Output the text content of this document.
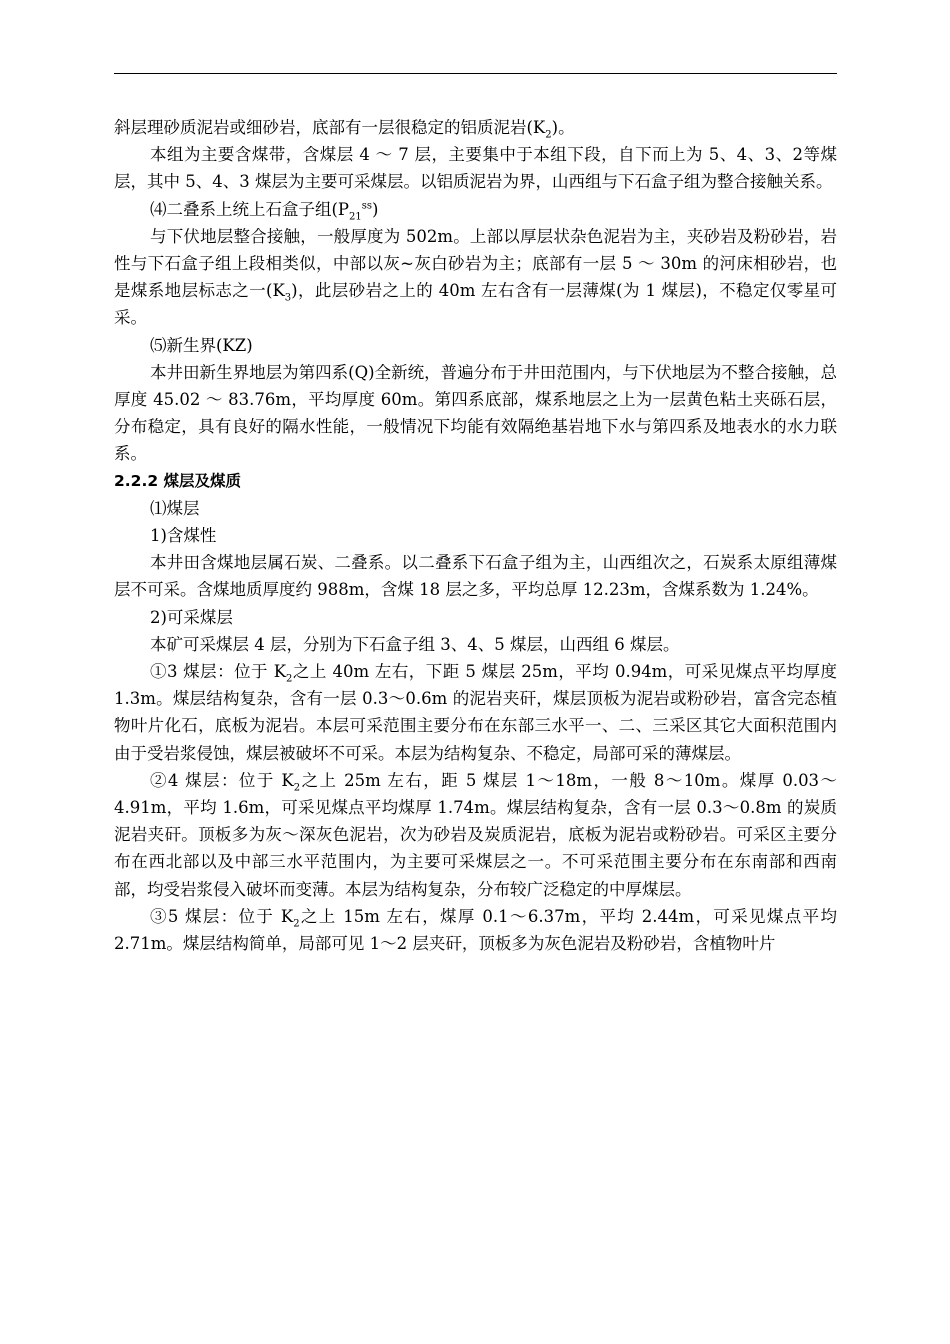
斜层理砂质泥岩或细砂岩，底部有一层很稳定的铝质泥岩$(K_2)$。

本组为主要含煤带，含煤层 4 ～ 7 层，主要集中于本组下段，自下而上为 5、4、3、2等煤层，其中 5、4、3 煤层为主要可采煤层。以铝质泥岩为界，山西组与下石盒子组为整合接触关系。

⑷二叠系上统上石盒子组$(P_{21}^{ss})$

与下伏地层整合接触，一般厚度为 502m。上部以厚层状杂色泥岩为主，夹砂岩及粉砂岩，岩性与下石盒子组上段相类似，中部以灰~灰白砂岩为主；底部有一层 5 ～ 30m 的河床相砂岩，也是煤系地层标志之一$(K_3)$，此层砂岩之上的 40m 左右含有一层薄煤(为 1 煤层)，不稳定仅零星可采。

⑸新生界(KZ)

本井田新生界地层为第四系(Q)全新统，普遍分布于井田范围内，与下伏地层为不整合接触，总厚度 45.02 ～ 83.76m，平均厚度 60m。第四系底部，煤系地层之上为一层黄色粘土夹砾石层，分布稳定，具有良好的隔水性能，一般情况下均能有效隔绝基岩地下水与第四系及地表水的水力联系。

2.2.2 煤层及煤质

⑴煤层

1)含煤性

本井田含煤地层属石炭、二叠系。以二叠系下石盒子组为主，山西组次之，石炭系太原组薄煤层不可采。含煤地质厚度约 988m，含煤 18 层之多，平均总厚 12.23m，含煤系数为 1.24%。

2)可采煤层

本矿可采煤层 4 层，分别为下石盒子组 3、4、5 煤层，山西组 6 煤层。

①3 煤层：位于 $K_2$之上 40m 左右，下距 5 煤层 25m，平均 0.94m，可采见煤点平均厚度 1.3m。煤层结构复杂，含有一层 0.3～0.6m 的泥岩夹矸，煤层顶板为泥岩或粉砂岩，富含完态植物叶片化石，底板为泥岩。本层可采范围主要分布在东部三水平一、二、三采区其它大面积范围内由于受岩浆侵蚀，煤层被破坏不可采。本层为结构复杂、不稳定，局部可采的薄煤层。

②4 煤层：位于 $K_2$之上 25m 左右，距 5 煤层 1～18m，一般 8～10m。煤厚 0.03～4.91m，平均 1.6m，可采见煤点平均煤厚 1.74m。煤层结构复杂，含有一层 0.3～0.8m 的炭质泥岩夹矸。顶板多为灰～深灰色泥岩，次为砂岩及炭质泥岩，底板为泥岩或粉砂岩。可采区主要分布在西北部以及中部三水平范围内，为主要可采煤层之一。不可采范围主要分布在东南部和西南部，均受岩浆侵入破坏而变薄。本层为结构复杂，分布较广泛稳定的中厚煤层。

③5 煤层：位于 $K_2$之上 15m 左右，煤厚 0.1～6.37m，平均 2.44m，可采见煤点平均 2.71m。煤层结构简单，局部可见 1～2 层夹矸，顶板多为灰色泥岩及粉砂岩，含植物叶片
